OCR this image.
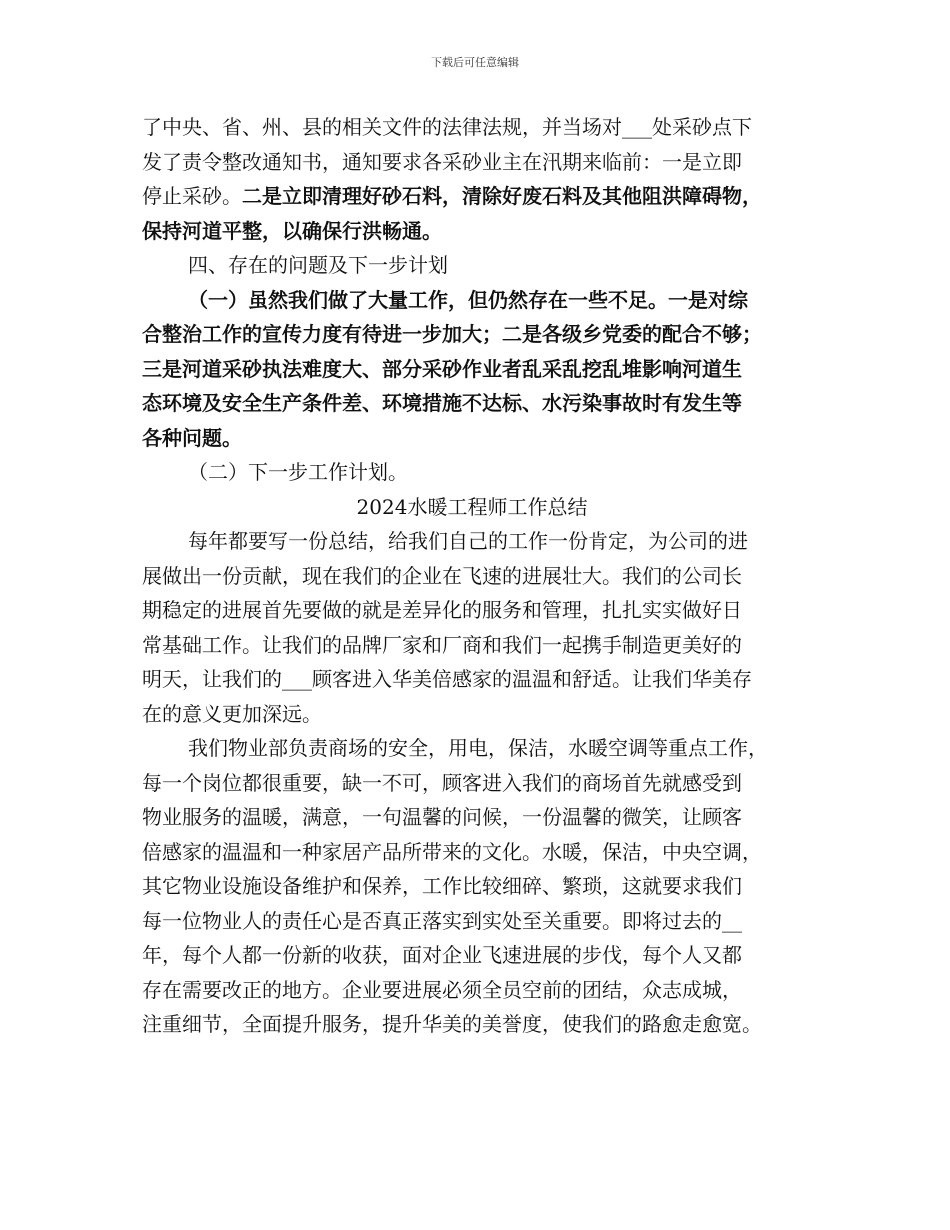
下载后可任意编辑
了中央、省、州、县的相关文件的法律法规，并当场对___处采砂点下
发了责令整改通知书，通知要求各采砂业主在汛期来临前：一是立即
停止采砂。二是立即清理好砂石料，清除好废石料及其他阻洪障碍物，
保持河道平整，以确保行洪畅通。
四、存在的问题及下一步计划
（一）虽然我们做了大量工作，但仍然存在一些不足。一是对综
合整治工作的宣传力度有待进一步加大；二是各级乡党委的配合不够；
三是河道采砂执法难度大、部分采砂作业者乱采乱挖乱堆影响河道生
态环境及安全生产条件差、环境措施不达标、水污染事故时有发生等
各种问题。
（二）下一步工作计划。
2024水暖工程师工作总结
每年都要写一份总结，给我们自己的工作一份肯定，为公司的进
展做出一份贡献，现在我们的企业在飞速的进展壮大。我们的公司长
期稳定的进展首先要做的就是差异化的服务和管理，扎扎实实做好日
常基础工作。让我们的品牌厂家和厂商和我们一起携手制造更美好的
明天，让我们的___顾客进入华美倍感家的温温和舒适。让我们华美存
在的意义更加深远。
我们物业部负责商场的安全，用电，保洁，水暖空调等重点工作，
每一个岗位都很重要，缺一不可，顾客进入我们的商场首先就感受到
物业服务的温暖，满意，一句温馨的问候，一份温馨的微笑，让顾客
倍感家的温温和一种家居产品所带来的文化。水暖，保洁，中央空调，
其它物业设施设备维护和保养，工作比较细碎、繁琐，这就要求我们
每一位物业人的责任心是否真正落实到实处至关重要。即将过去的__
年，每个人都一份新的收获，面对企业飞速进展的步伐，每个人又都
存在需要改正的地方。企业要进展必须全员空前的团结，众志成城，
注重细节，全面提升服务，提升华美的美誉度，使我们的路愈走愈宽。
